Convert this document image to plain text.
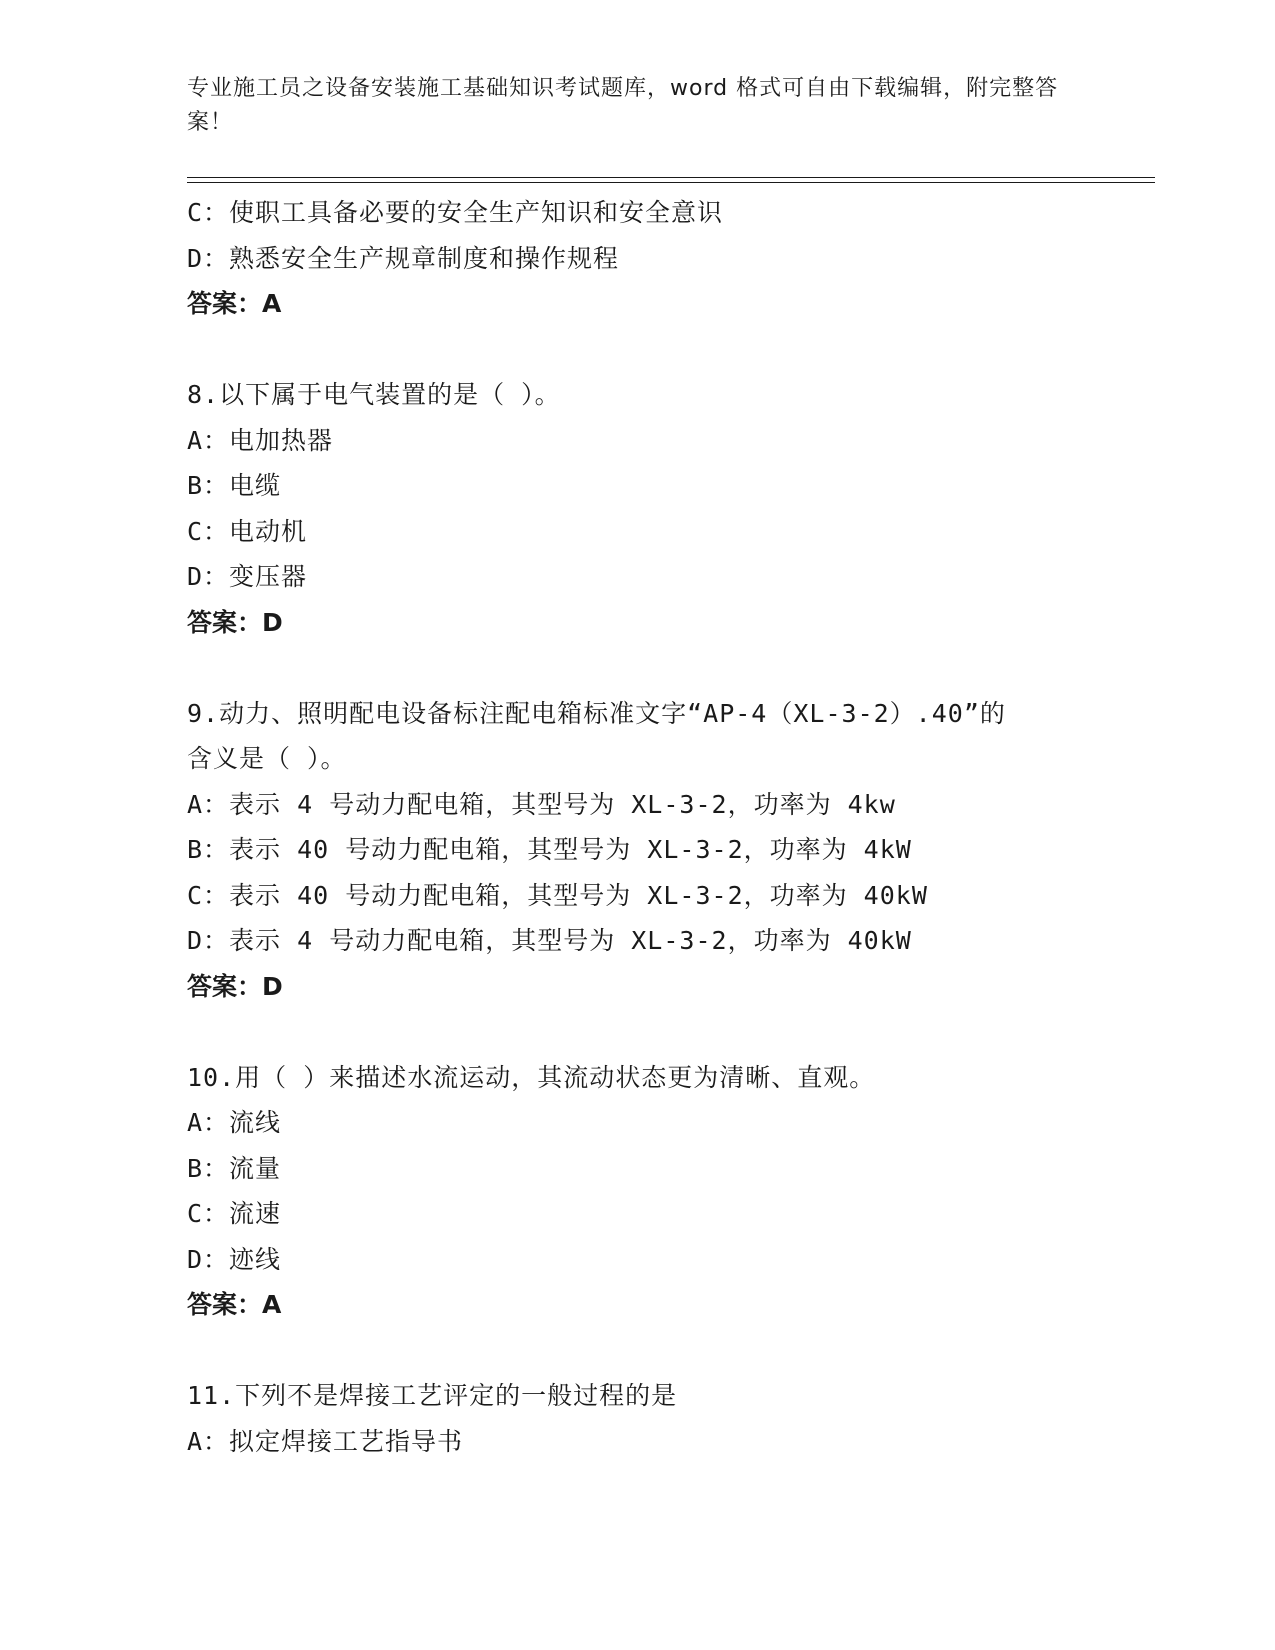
专业施工员之设备安装施工基础知识考试题库，word 格式可自由下载编辑，附完整答案！
C：使职工具备必要的安全生产知识和安全意识
D：熟悉安全生产规章制度和操作规程
答案：A
8.以下属于电气装置的是（ ）。
A：电加热器
B：电缆
C：电动机
D：变压器
答案：D
9.动力、照明配电设备标注配电箱标准文字“AP-4（XL-3-2）.40”的
含义是（ ）。
A：表示 4 号动力配电箱，其型号为 XL-3-2，功率为 4kw
B：表示 40 号动力配电箱，其型号为 XL-3-2，功率为 4kW
C：表示 40 号动力配电箱，其型号为 XL-3-2，功率为 40kW
D：表示 4 号动力配电箱，其型号为 XL-3-2，功率为 40kW
答案：D
10.用（ ）来描述水流运动，其流动状态更为清晰、直观。
A：流线
B：流量
C：流速
D：迹线
答案：A
11.下列不是焊接工艺评定的一般过程的是
A：拟定焊接工艺指导书
